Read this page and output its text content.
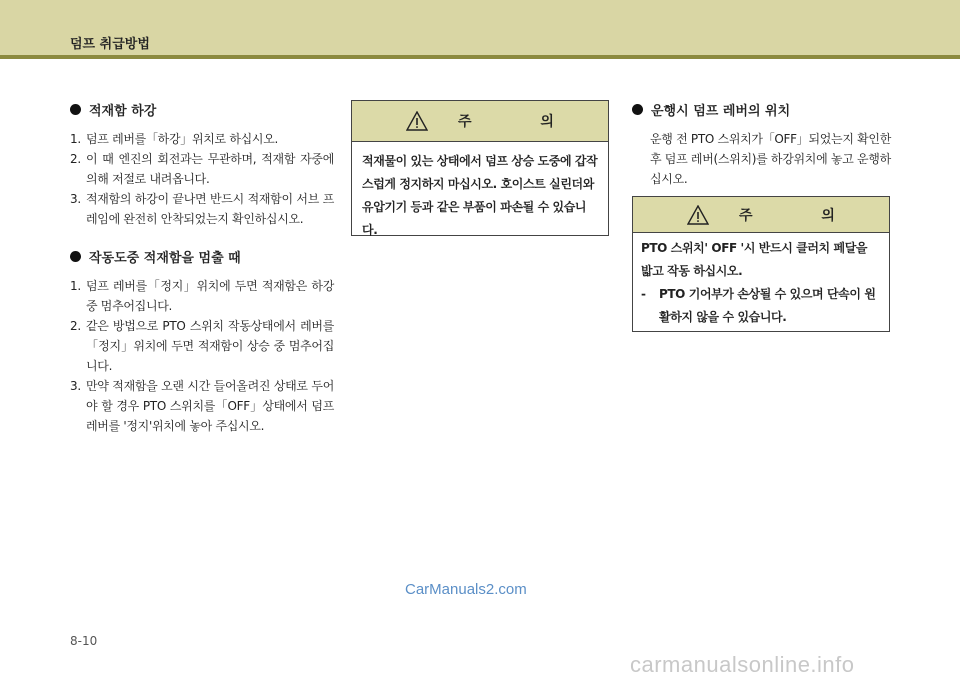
덤프 취급방법
적재함 하강
1. 덤프 레버를「하강」위치로 하십시오.
2. 이 때 엔진의 회전과는 무관하며, 적재함 자중에 의해 저절로 내려옵니다.
3. 적재함의 하강이 끝나면 반드시 적재함이 서브 프레임에 완전히 안착되었는지 확인하십시오.
작동도중 적재함을 멈출 때
1. 덤프 레버를「정지」위치에 두면 적재함은 하강 중 멈추어집니다.
2. 같은 방법으로 PTO 스위치 작동상태에서 레버를「정지」위치에 두면 적재함이 상승 중 멈추어집니다.
3. 만약 적재함을 오랜 시간 들어올려진 상태로 두어야 할 경우 PTO 스위치를「OFF」상태에서 덤프 레버를 '정지'위치에 놓아 주십시오.
주 의
적재물이 있는 상태에서 덤프 상승 도중에 갑작스럽게 정지하지 마십시오. 호이스트 실린더와 유압기기 등과 같은 부품이 파손될 수 있습니다.
운행시 덤프 레버의 위치

운행 전 PTO 스위치가「OFF」되었는지 확인한 후 덤프 레버(스위치)를 하강위치에 놓고 운행하십시오.

주 의
PTO 스위치' OFF '시 반드시 클러치 페달을 밟고 작동 하십시오.
-	PTO 기어부가 손상될 수 있으며 단속이 원활하지 않을 수 있습니다.
CarManuals2.com
8-10
carmanualsonline.info
